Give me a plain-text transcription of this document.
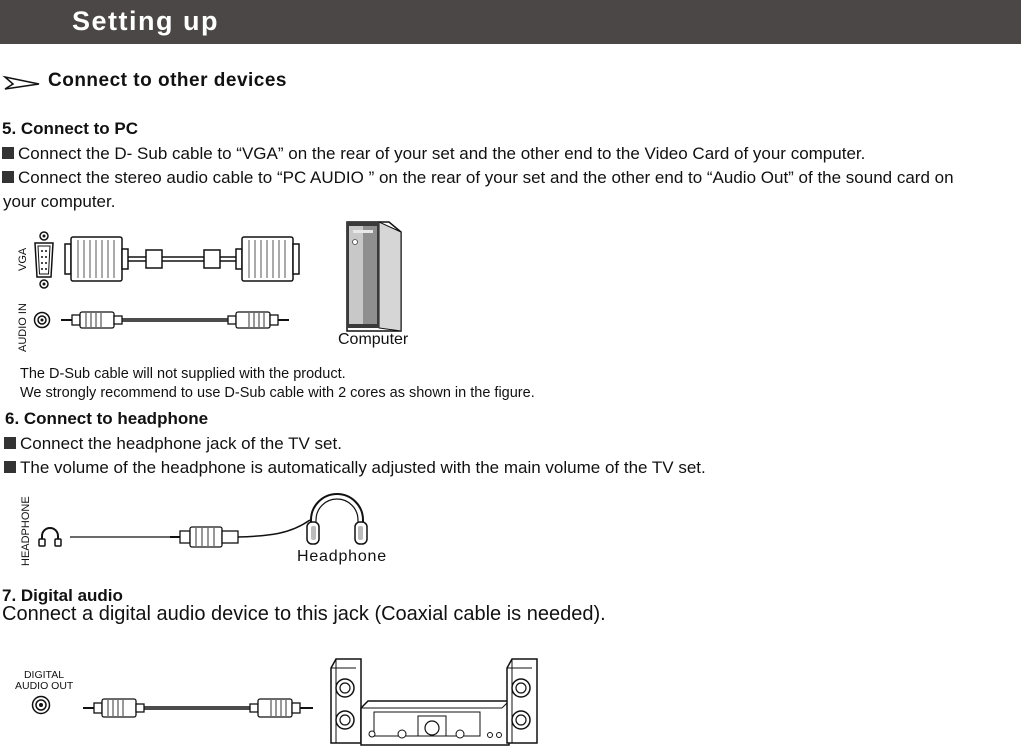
Setting up
Connect to other devices
5. Connect to PC
Connect the D- Sub cable to “VGA” on the rear of your set and the other end to the Video Card of your computer.
Connect the stereo audio cable to “PC AUDIO ” on the rear of your set and the other end to “Audio Out” of the sound card on
your computer.
VGA
AUDIO IN	Computer
The D-Sub cable will not supplied with the product.
We strongly recommend to use D-Sub cable with 2 cores as shown in the figure.
6. Connect to headphone
Connect the headphone jack of the TV set.
The volume of the headphone is automatically adjusted with the main volume of the TV set.
HEADPHONE	Headphone
7. Digital audio
Connect a digital audio device to this jack (Coaxial cable is needed).
DIGITAL
AUDIO OUT
